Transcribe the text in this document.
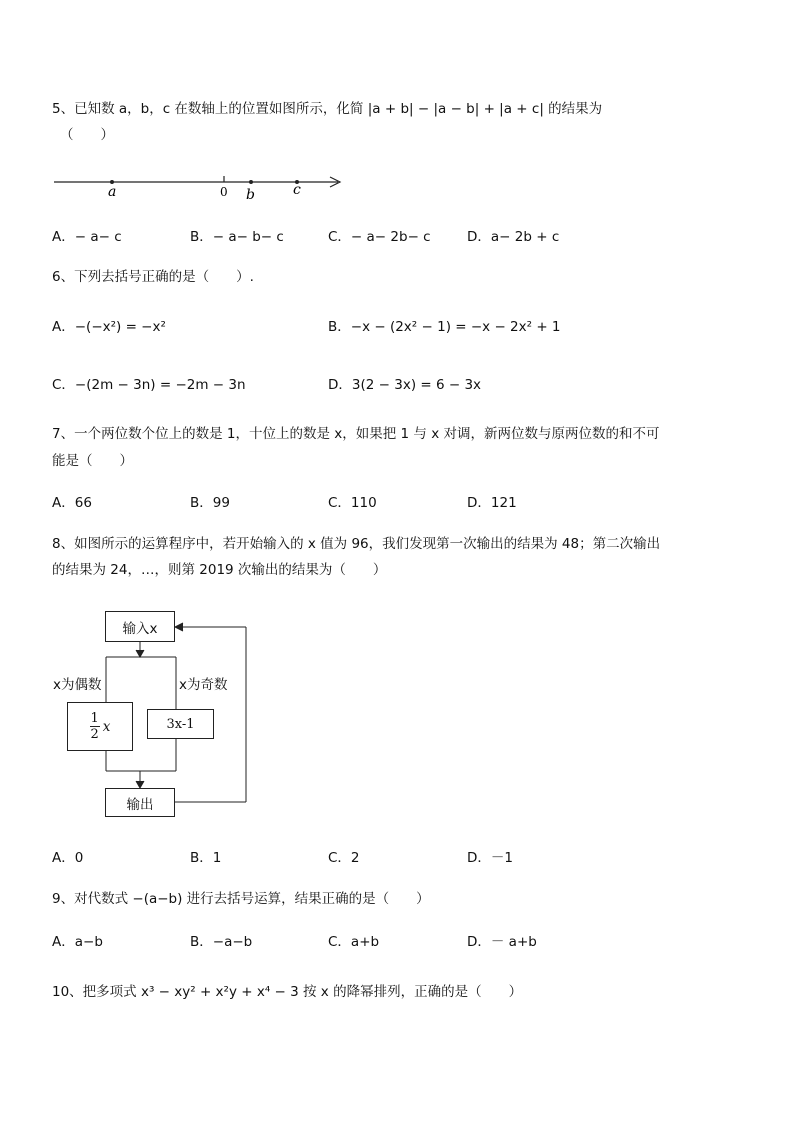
5、已知数 a，b，c 在数轴上的位置如图所示，化简 |a + b| − |a − b| + |a + c| 的结果为
（　　）
a	0 b	c
A．− a− c	B．− a− b− c	C．− a− 2b− c	D．a− 2b + c
6、下列去括号正确的是（　　）.
A．−(−x²) = −x²	B．−x − (2x² − 1) = −x − 2x² + 1
C．−(2m − 3n) = −2m − 3n	D．3(2 − 3x) = 6 − 3x
7、一个两位数个位上的数是 1，十位上的数是 x，如果把 1 与 x 对调，新两位数与原两位数的和不可
能是（　　）
A．66	B．99	C．110	D．121
8、如图所示的运算程序中，若开始输入的 x 值为 96，我们发现第一次输出的结果为 48；第二次输出
的结果为 24，…，则第 2019 次输出的结果为（　　）
输入x
x为偶数	x为奇数
1
2 x	3x-1
输出
A．0	B．1	C．2	D．－1
9、对代数式 −(a−b) 进行去括号运算，结果正确的是（　　）
A．a−b	B．−a−b	C．a+b	D．－ a+b
10、把多项式 x³ − xy² + x²y + x⁴ − 3 按 x 的降幂排列，正确的是（　　）
